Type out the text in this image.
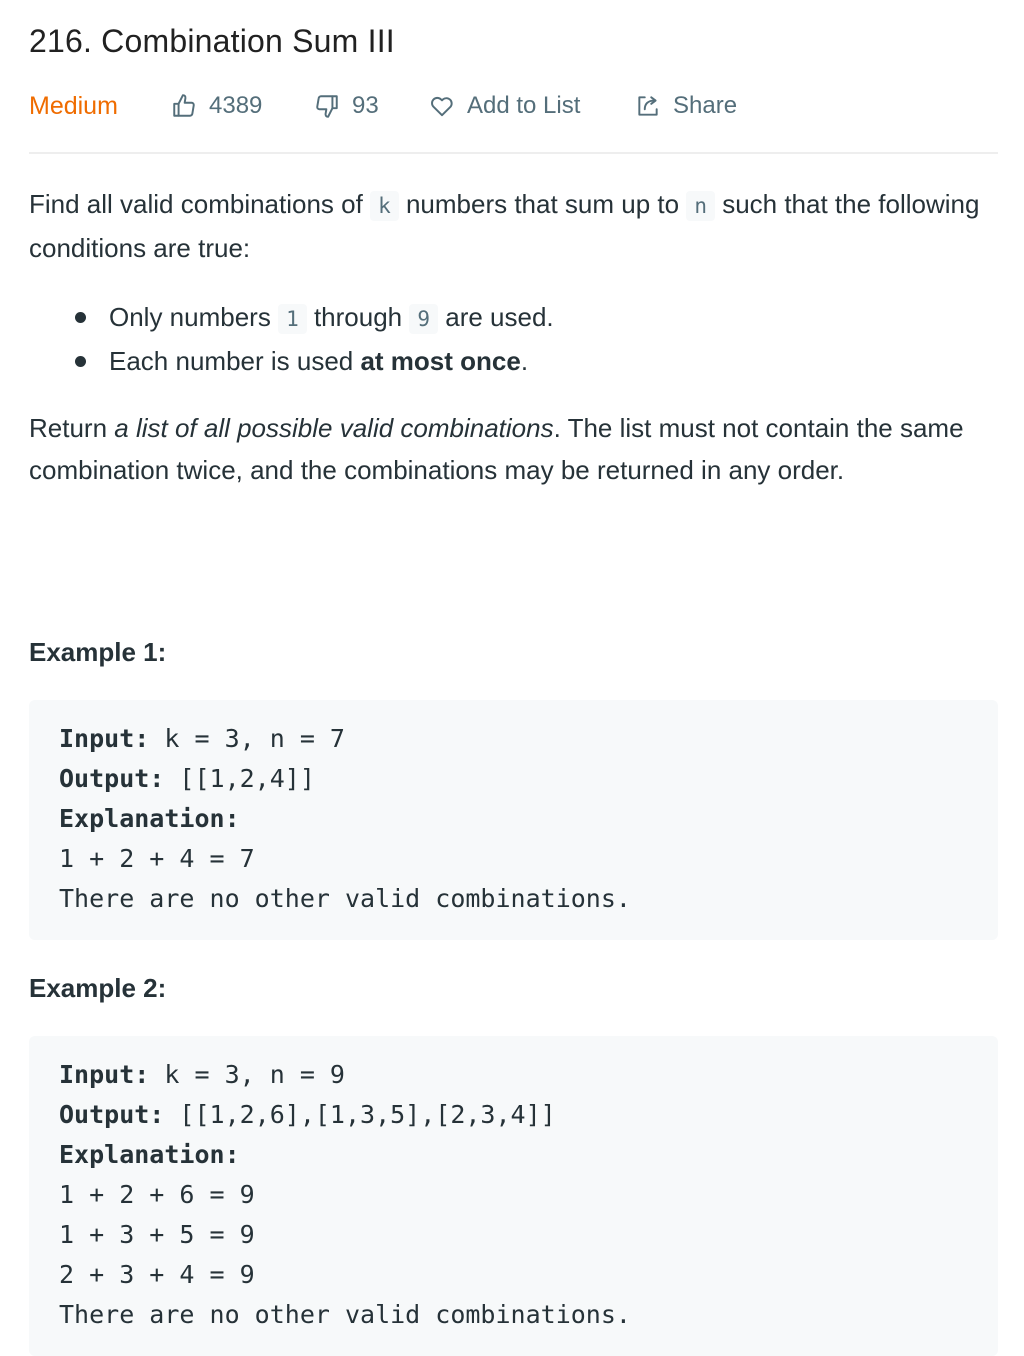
216. Combination Sum III
Medium	4389	93	Add to List	Share
Find all valid combinations of k numbers that sum up to n such that the following conditions are true:
Only numbers 1 through 9 are used.
Each number is used at most once.
Return a list of all possible valid combinations. The list must not contain the same combination twice, and the combinations may be returned in any order.
Example 1:
Input: k = 3, n = 7
Output: [[1,2,4]]
Explanation:
1 + 2 + 4 = 7
There are no other valid combinations.
Example 2:
Input: k = 3, n = 9
Output: [[1,2,6],[1,3,5],[2,3,4]]
Explanation:
1 + 2 + 6 = 9
1 + 3 + 5 = 9
2 + 3 + 4 = 9
There are no other valid combinations.
